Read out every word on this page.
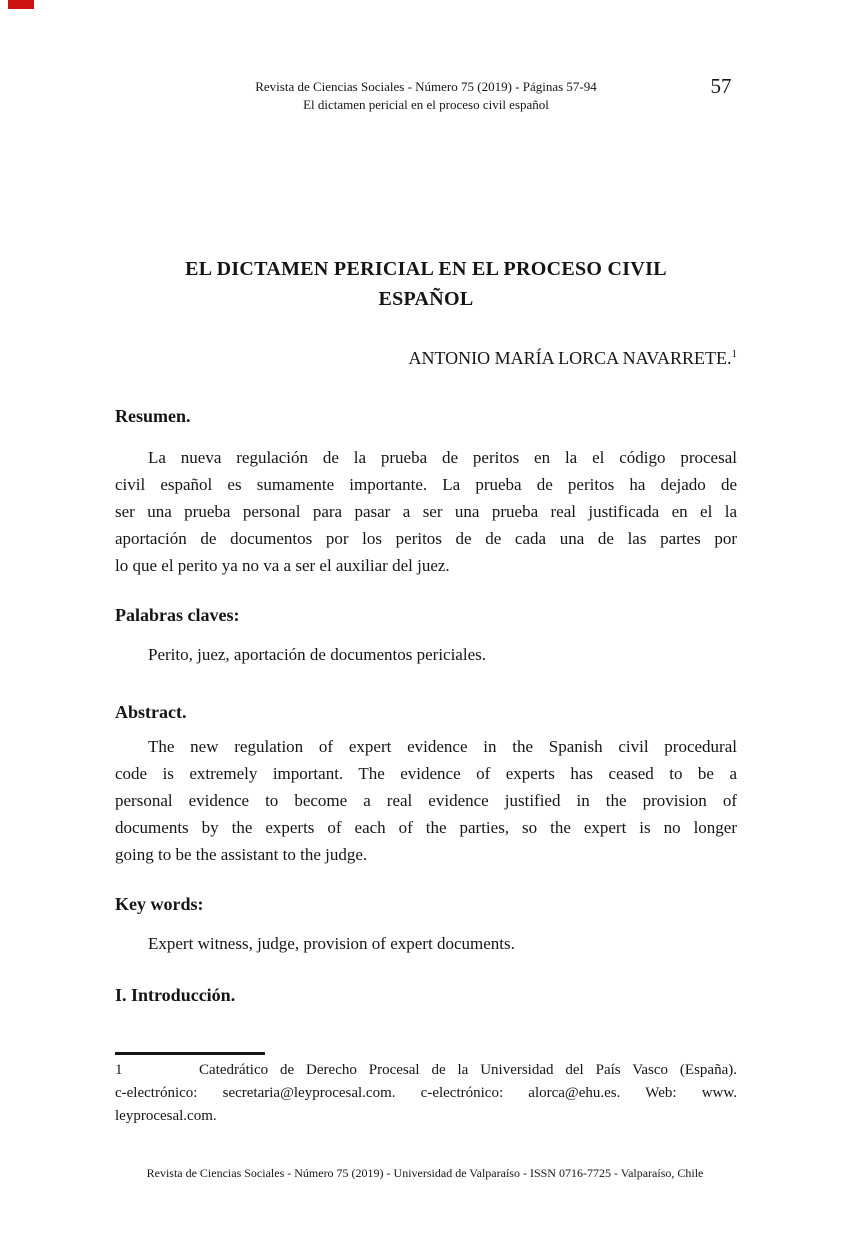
Revista de Ciencias Sociales - Número 75 (2019) - Páginas 57-94
El dictamen pericial en el proceso civil español
57
EL DICTAMEN PERICIAL EN EL PROCESO CIVIL
ESPAÑOL
ANTONIO MARÍA LORCA NAVARRETE.$^1$
Resumen.
La nueva regulación de la prueba de peritos en la el código procesal
civil español es sumamente importante. La prueba de peritos ha dejado de
ser una prueba personal para pasar a ser una prueba real justificada en el la
aportación de documentos por los peritos de de cada una de las partes por
lo que el perito ya no va a ser el auxiliar del juez.
Palabras claves:
Perito, juez, aportación de documentos periciales.
Abstract.
The new regulation of expert evidence in the Spanish civil procedural
code is extremely important. The evidence of experts has ceased to be a
personal evidence to become a real evidence justified in the provision of
documents by the experts of each of the parties, so the expert is no longer
going to be the assistant to the judge.
Key words:
Expert witness, judge, provision of expert documents.
I. Introducción.
1	Catedrático de Derecho Procesal de la Universidad del País Vasco (España).
c-electrónico: secretaria@leyprocesal.com. c-electrónico: alorca@ehu.es. Web: www.
leyprocesal.com.
Revista de Ciencias Sociales - Número 75 (2019) - Universidad de Valparaíso - ISSN 0716-7725 - Valparaíso, Chile
